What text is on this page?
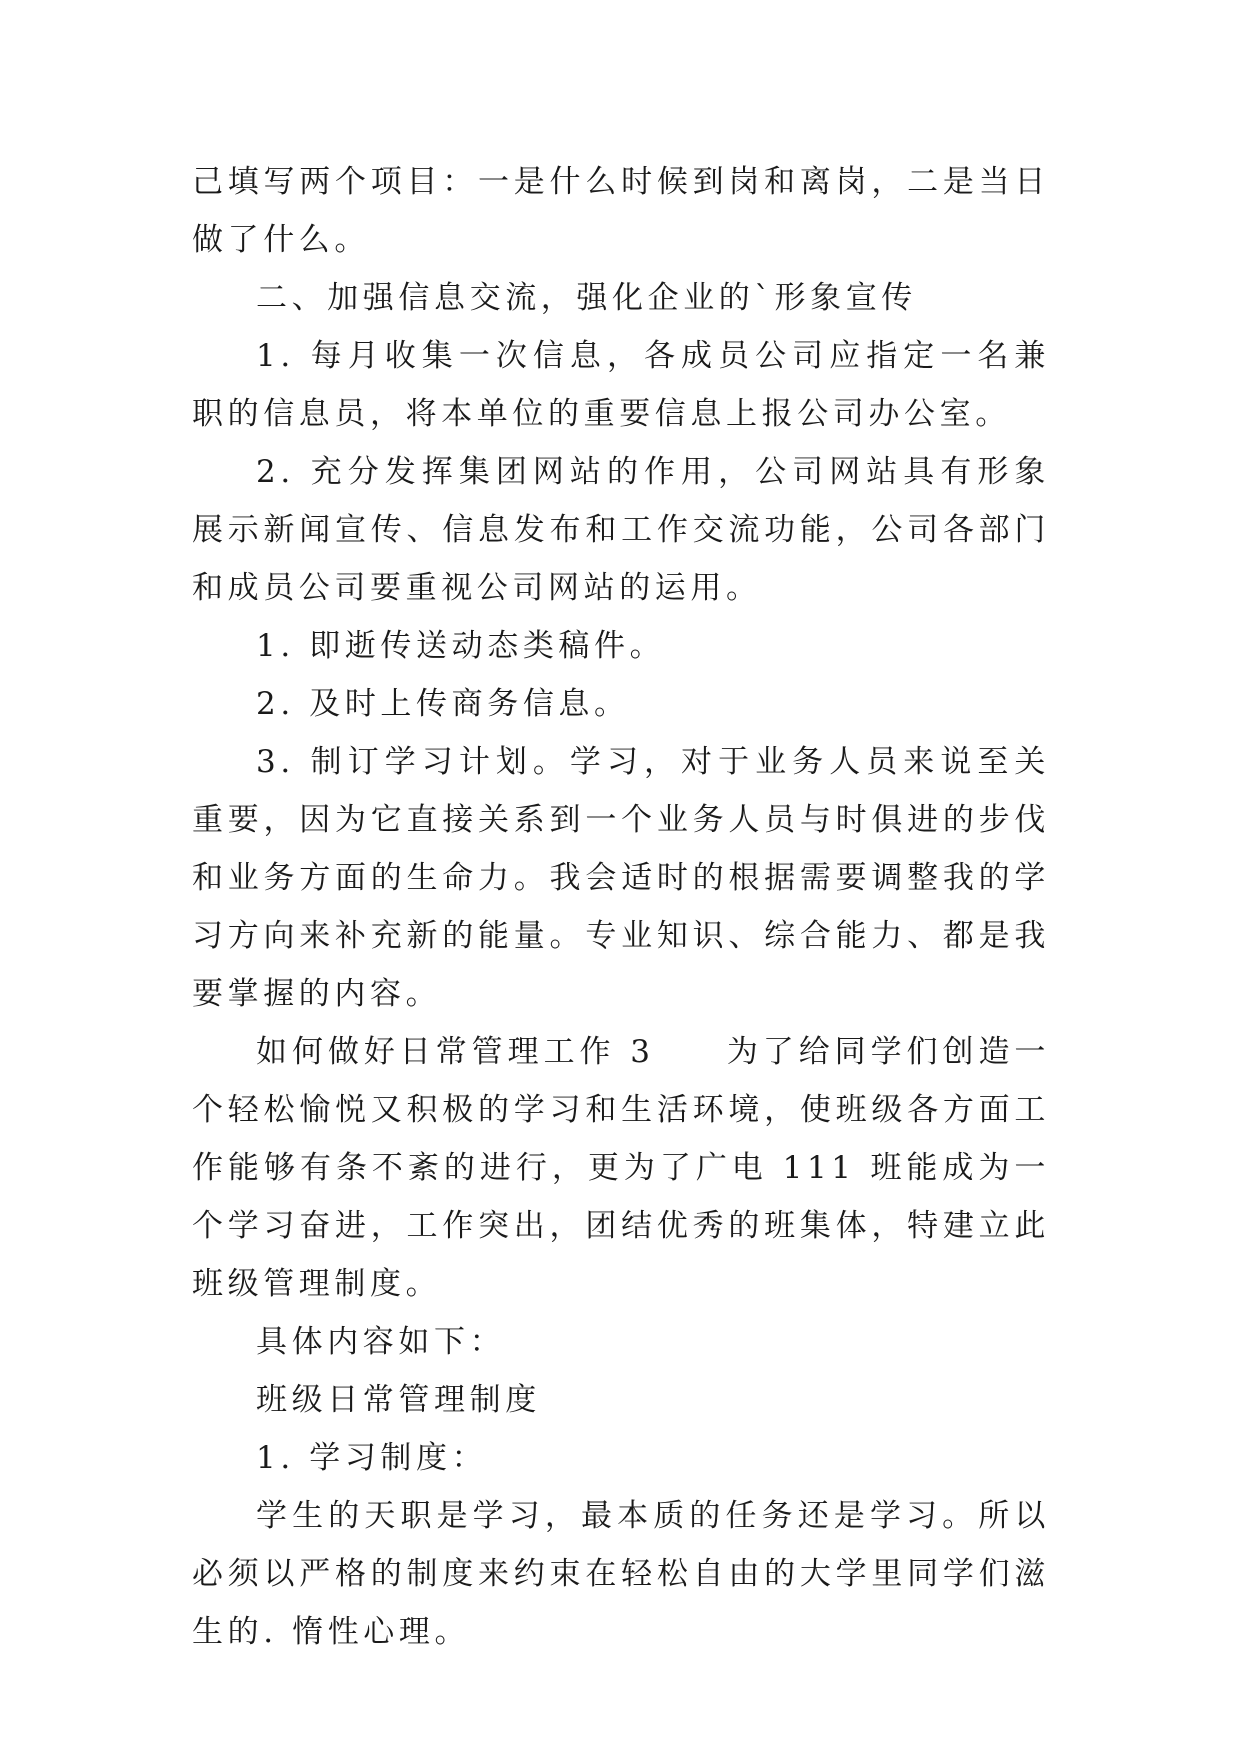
己填写两个项目：一是什么时候到岗和离岗，二是当日做了什么。

二、加强信息交流，强化企业的`形象宣传

1. 每月收集一次信息，各成员公司应指定一名兼职的信息员，将本单位的重要信息上报公司办公室。

2. 充分发挥集团网站的作用，公司网站具有形象展示新闻宣传、信息发布和工作交流功能，公司各部门和成员公司要重视公司网站的运用。

1. 即逝传送动态类稿件。

2. 及时上传商务信息。

3. 制订学习计划。学习，对于业务人员来说至关重要，因为它直接关系到一个业务人员与时俱进的步伐和业务方面的生命力。我会适时的根据需要调整我的学习方向来补充新的能量。专业知识、综合能力、都是我要掌握的内容。

如何做好日常管理工作 3　　为了给同学们创造一个轻松愉悦又积极的学习和生活环境，使班级各方面工作能够有条不紊的进行，更为了广电 111 班能成为一个学习奋进，工作突出，团结优秀的班集体，特建立此班级管理制度。

具体内容如下：

班级日常管理制度

1. 学习制度：

学生的天职是学习，最本质的任务还是学习。所以必须以严格的制度来约束在轻松自由的大学里同学们滋生的. 惰性心理。
